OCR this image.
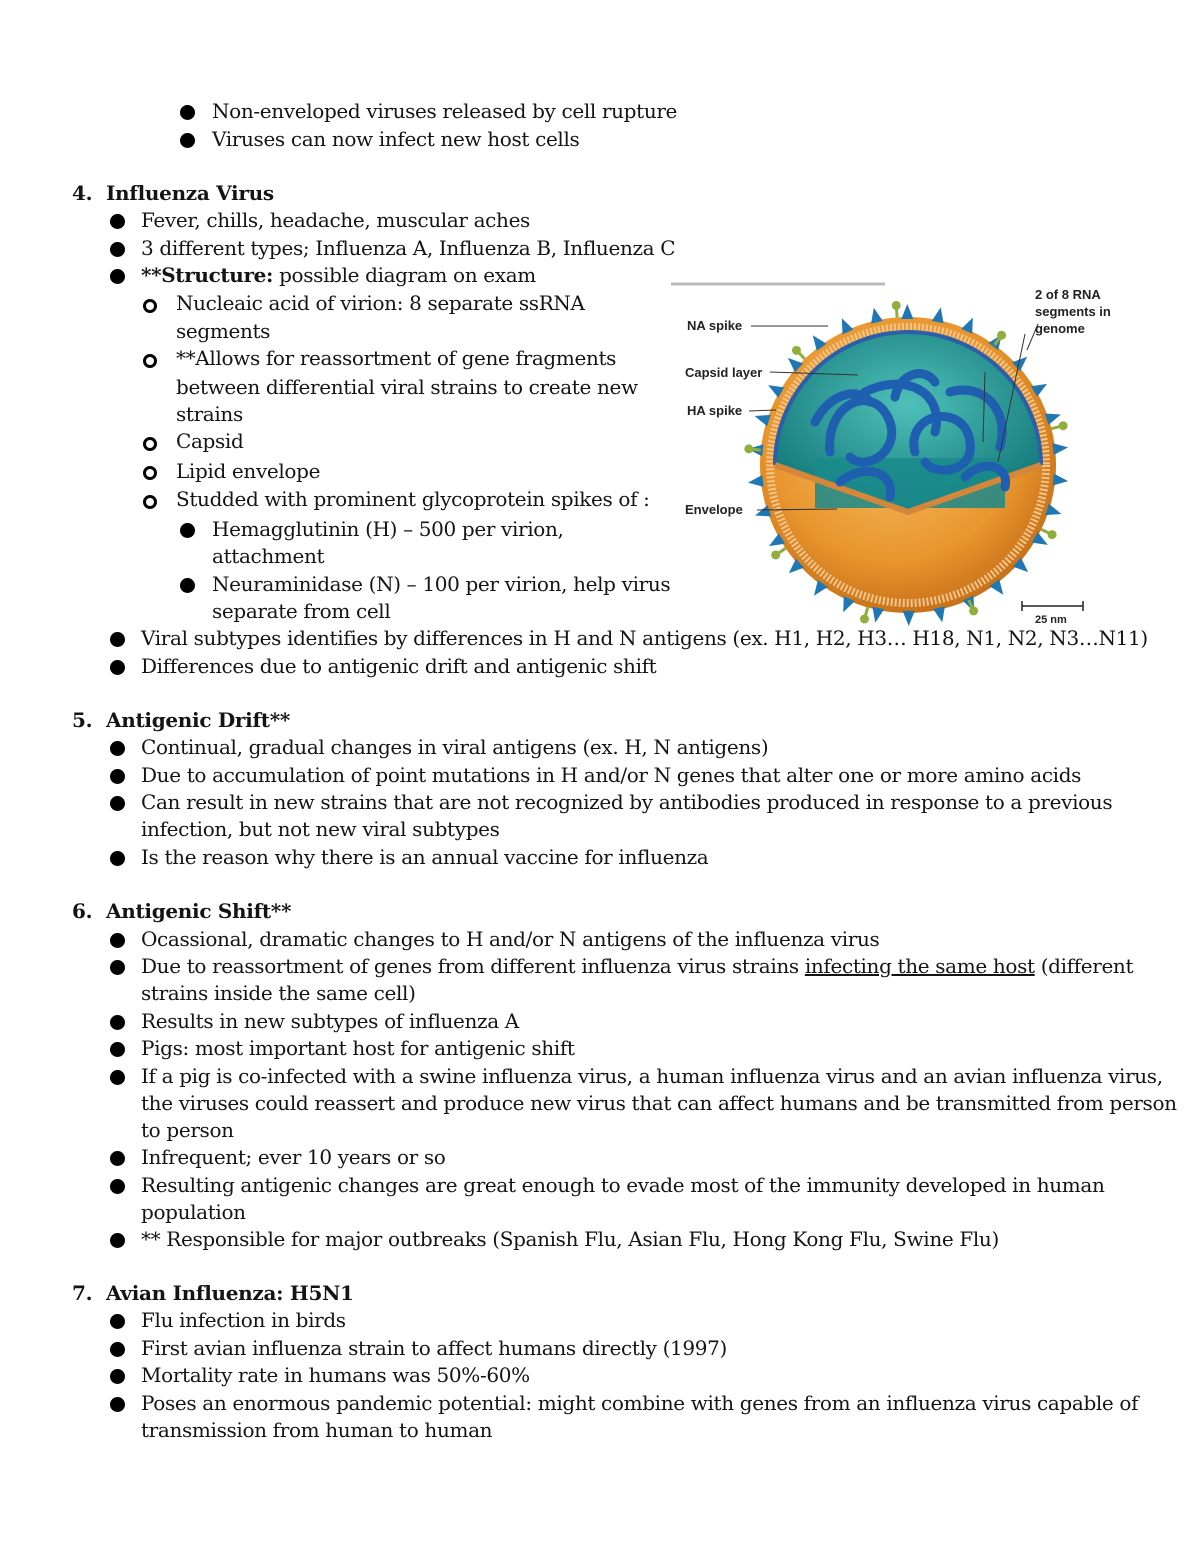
Non-enveloped viruses released by cell rupture
Viruses can now infect new host cells
4. Influenza Virus
Fever, chills, headache, muscular aches
3 different types; Influenza A, Influenza B, Influenza C
**Structure: possible diagram on exam
Nucleaic acid of virion: 8 separate ssRNA
segments
**Allows for reassortment of gene fragments
between differential viral strains to create new
strains
Capsid
Lipid envelope
Studded with prominent glycoprotein spikes of :
Hemagglutinin (H) – 500 per virion,
attachment
Neuraminidase (N) – 100 per virion, help virus
separate from cell
Viral subtypes identifies by differences in H and N antigens (ex. H1, H2, H3… H18, N1, N2, N3…N11)
Differences due to antigenic drift and antigenic shift
NA spike
Capsid layer
HA spike
Envelope
2 of 8 RNA
segments in
genome
25 nm
5. Antigenic Drift**
Continual, gradual changes in viral antigens (ex. H, N antigens)
Due to accumulation of point mutations in H and/or N genes that alter one or more amino acids
Can result in new strains that are not recognized by antibodies produced in response to a previous
infection, but not new viral subtypes
Is the reason why there is an annual vaccine for influenza
6. Antigenic Shift**
Ocassional, dramatic changes to H and/or N antigens of the influenza virus
Due to reassortment of genes from different influenza virus strains infecting the same host (different
strains inside the same cell)
Results in new subtypes of influenza A
Pigs: most important host for antigenic shift
If a pig is co-infected with a swine influenza virus, a human influenza virus and an avian influenza virus,
the viruses could reassert and produce new virus that can affect humans and be transmitted from person
to person
Infrequent; ever 10 years or so
Resulting antigenic changes are great enough to evade most of the immunity developed in human
population
** Responsible for major outbreaks (Spanish Flu, Asian Flu, Hong Kong Flu, Swine Flu)
7. Avian Influenza: H5N1
Flu infection in birds
First avian influenza strain to affect humans directly (1997)
Mortality rate in humans was 50%-60%
Poses an enormous pandemic potential: might combine with genes from an influenza virus capable of
transmission from human to human
